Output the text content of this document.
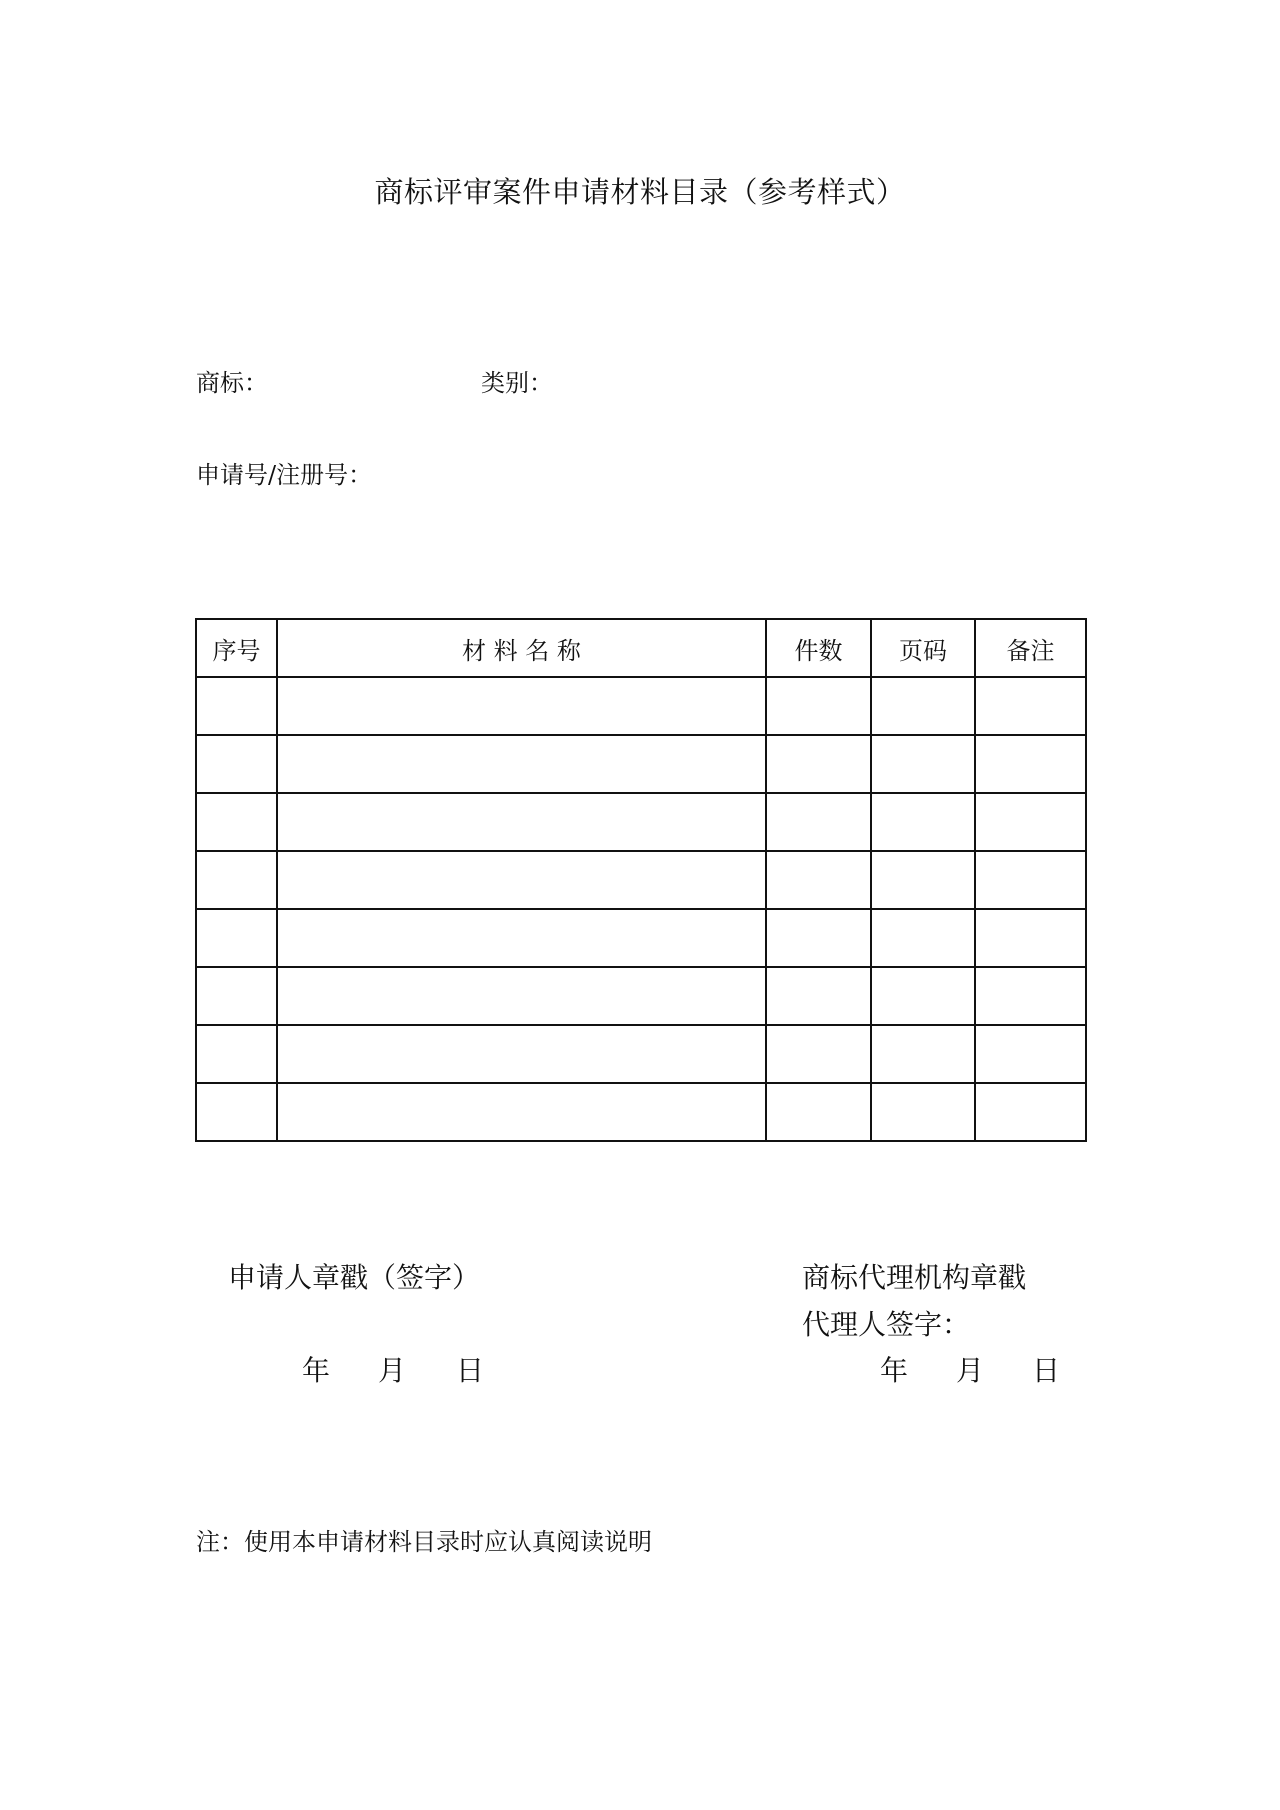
商标评审案件申请材料目录（参考样式）
商标：	类别：
申请号/注册号：
序号	材 料 名 称	件数	页码	备注

申请人章戳（签字）
年 月 日
商标代理机构章戳
代理人签字：
年 月 日
注：使用本申请材料目录时应认真阅读说明
